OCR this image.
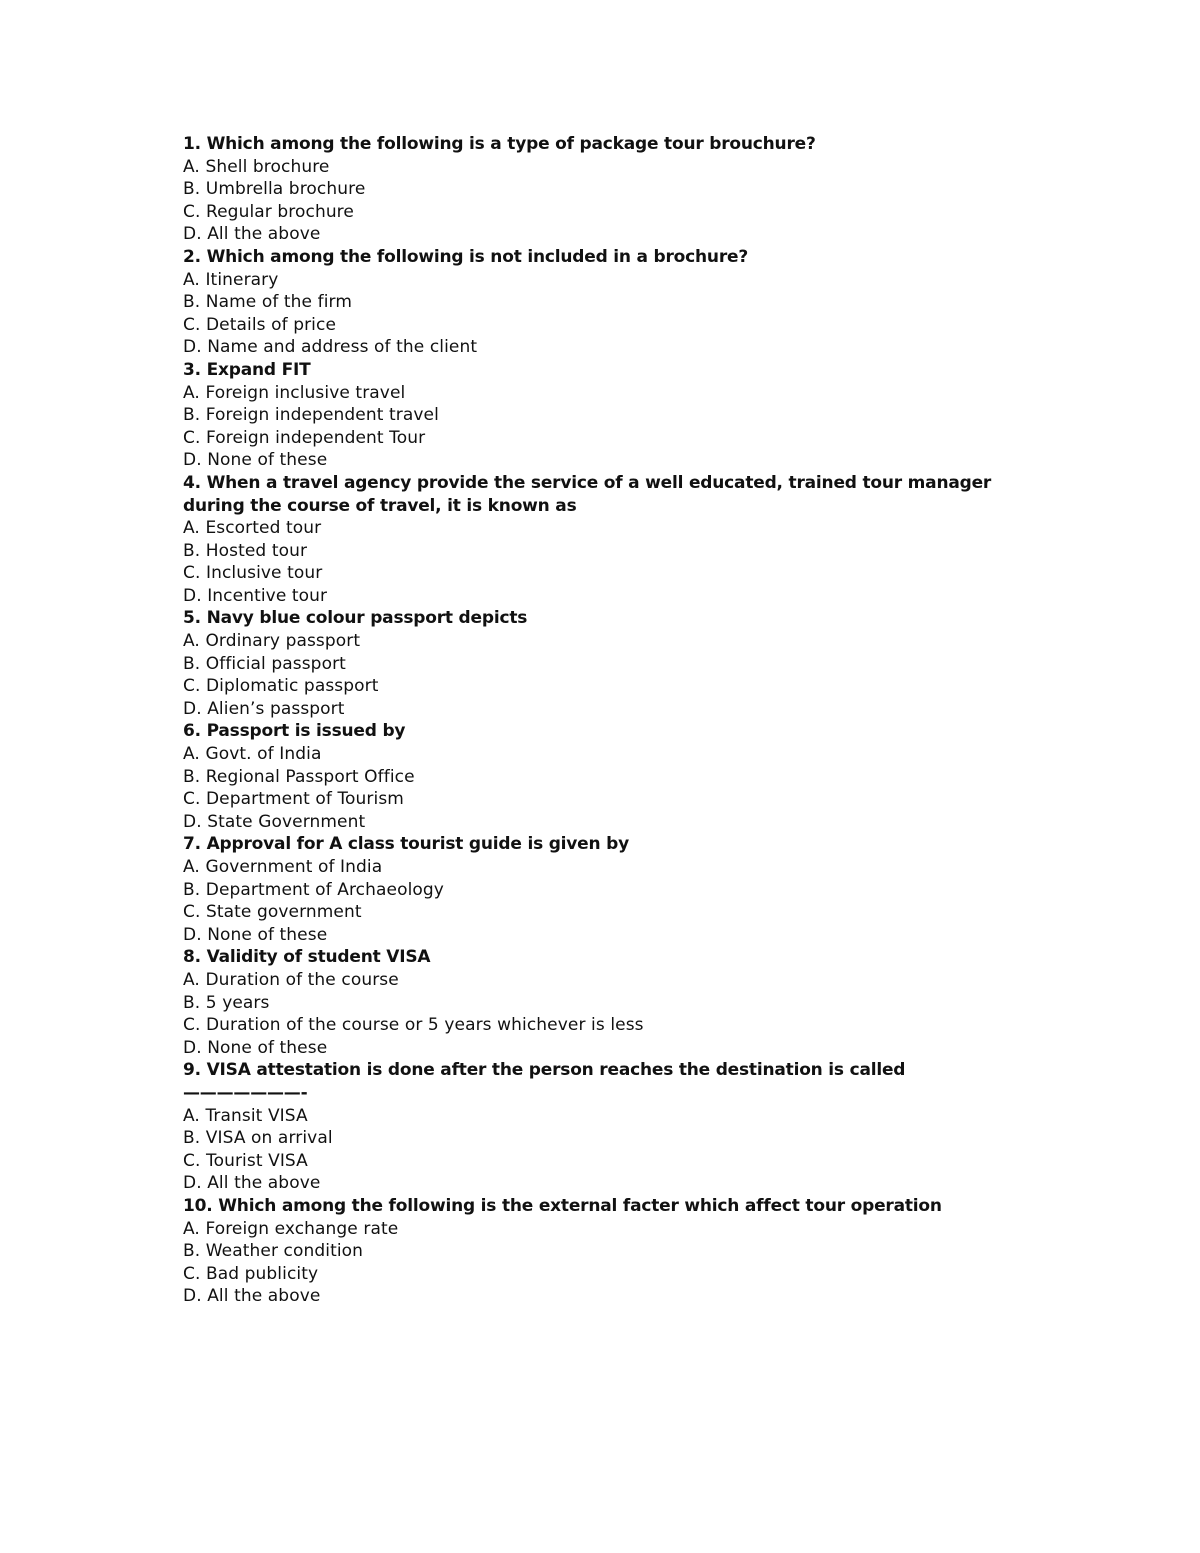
1. Which among the following is a type of package tour brouchure?
A. Shell brochure
B. Umbrella brochure
C. Regular brochure
D. All the above
2. Which among the following is not included in a brochure?
A. Itinerary
B. Name of the firm
C. Details of price
D. Name and address of the client
3. Expand FIT
A. Foreign inclusive travel
B. Foreign independent travel
C. Foreign independent Tour
D. None of these
4. When a travel agency provide the service of a well educated, trained tour manager during the course of travel, it is known as
A. Escorted tour
B. Hosted tour
C. Inclusive tour
D. Incentive tour
5. Navy blue colour passport depicts
A. Ordinary passport
B. Official passport
C. Diplomatic passport
D. Alien’s passport
6. Passport is issued by
A. Govt. of India
B. Regional Passport Office
C. Department of Tourism
D. State Government
7. Approval for A class tourist guide is given by
A. Government of India
B. Department of Archaeology
C. State government
D. None of these
8. Validity of student VISA
A. Duration of the course
B. 5 years
C. Duration of the course or 5 years whichever is less
D. None of these
9. VISA attestation is done after the person reaches the destination is called ———————-
A. Transit VISA
B. VISA on arrival
C. Tourist VISA
D. All the above
10. Which among the following is the external facter which affect tour operation
A. Foreign exchange rate
B. Weather condition
C. Bad publicity
D. All the above
